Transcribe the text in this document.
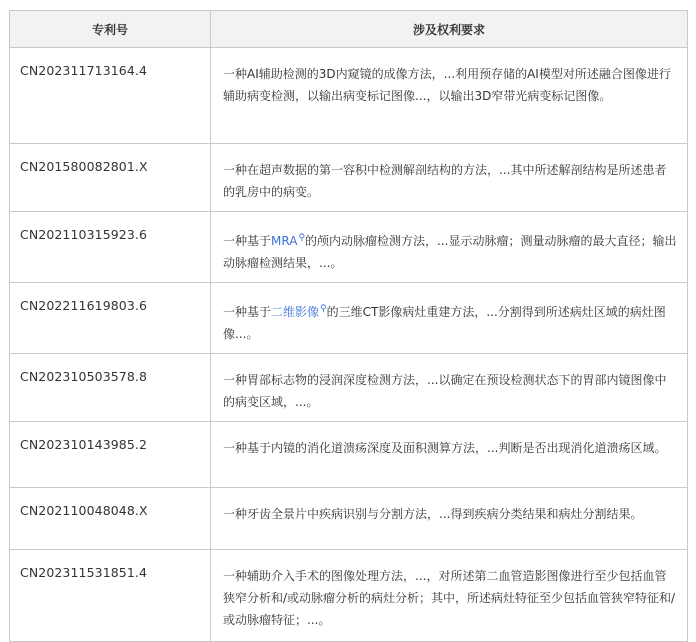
专利号	涉及权利要求
CN202311713164.4	一种AI辅助检测的3D内窥镜的成像方法，...利用预存储的AI模型对所述融合图像进行辅助病变检测，以输出病变标记图像...，以输出3D窄带光病变标记图像。
CN201580082801.X	一种在超声数据的第一容积中检测解剖结构的方法，...其中所述解剖结构是所述患者的乳房中的病变。
CN202110315923.6	一种基于MRA⚲的颅内动脉瘤检测方法，...显示动脉瘤；测量动脉瘤的最大直径；输出动脉瘤检测结果，...。
CN202211619803.6	一种基于二维影像⚲的三维CT影像病灶重建方法，...分割得到所述病灶区域的病灶图像...。
CN202310503578.8	一种胃部标志物的浸润深度检测方法，...以确定在预设检测状态下的胃部内镜图像中的病变区域，...。
CN202310143985.2	一种基于内镜的消化道溃疡深度及面积测算方法，...判断是否出现消化道溃疡区域。
CN202110048048.X	一种牙齿全景片中疾病识别与分割方法，...得到疾病分类结果和病灶分割结果。
CN202311531851.4	一种辅助介入手术的图像处理方法，...，对所述第二血管造影图像进行至少包括血管狭窄分析和/或动脉瘤分析的病灶分析；其中，所述病灶特征至少包括血管狭窄特征和/或动脉瘤特征；...。
